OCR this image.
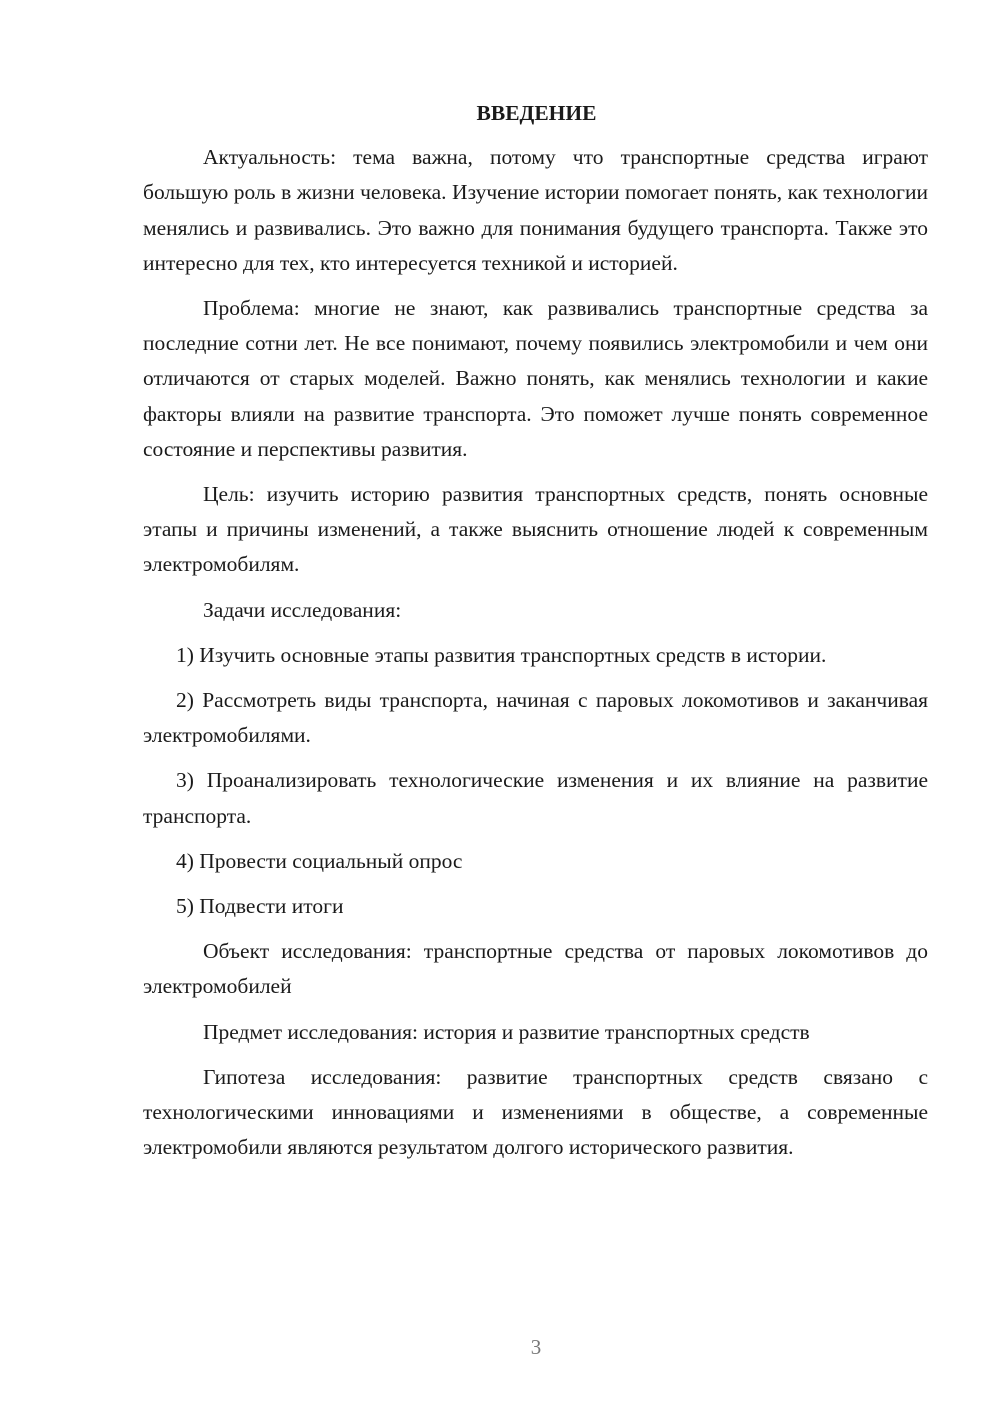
ВВЕДЕНИЕ

Актуальность: тема важна, потому что транспортные средства играют большую роль в жизни человека. Изучение истории помогает понять, как технологии менялись и развивались. Это важно для понимания будущего транспорта. Также это интересно для тех, кто интересуется техникой и историей.

Проблема: многие не знают, как развивались транспортные средства за последние сотни лет. Не все понимают, почему появились электромобили и чем они отличаются от старых моделей. Важно понять, как менялись технологии и какие факторы влияли на развитие транспорта. Это поможет лучше понять современное состояние и перспективы развития.

Цель: изучить историю развития транспортных средств, понять основные этапы и причины изменений, а также выяснить отношение людей к современным электромобилям.

Задачи исследования:

1) Изучить основные этапы развития транспортных средств в истории.

2) Рассмотреть виды транспорта, начиная с паровых локомотивов и заканчивая электромобилями.

3) Проанализировать технологические изменения и их влияние на развитие транспорта.

4) Провести социальный опрос

5) Подвести итоги

Объект исследования: транспортные средства от паровых локомотивов до электромобилей

Предмет исследования: история и развитие транспортных средств

Гипотеза исследования: развитие транспортных средств связано с технологическими инновациями и изменениями в обществе, а современные электромобили являются результатом долгого исторического развития.

3
